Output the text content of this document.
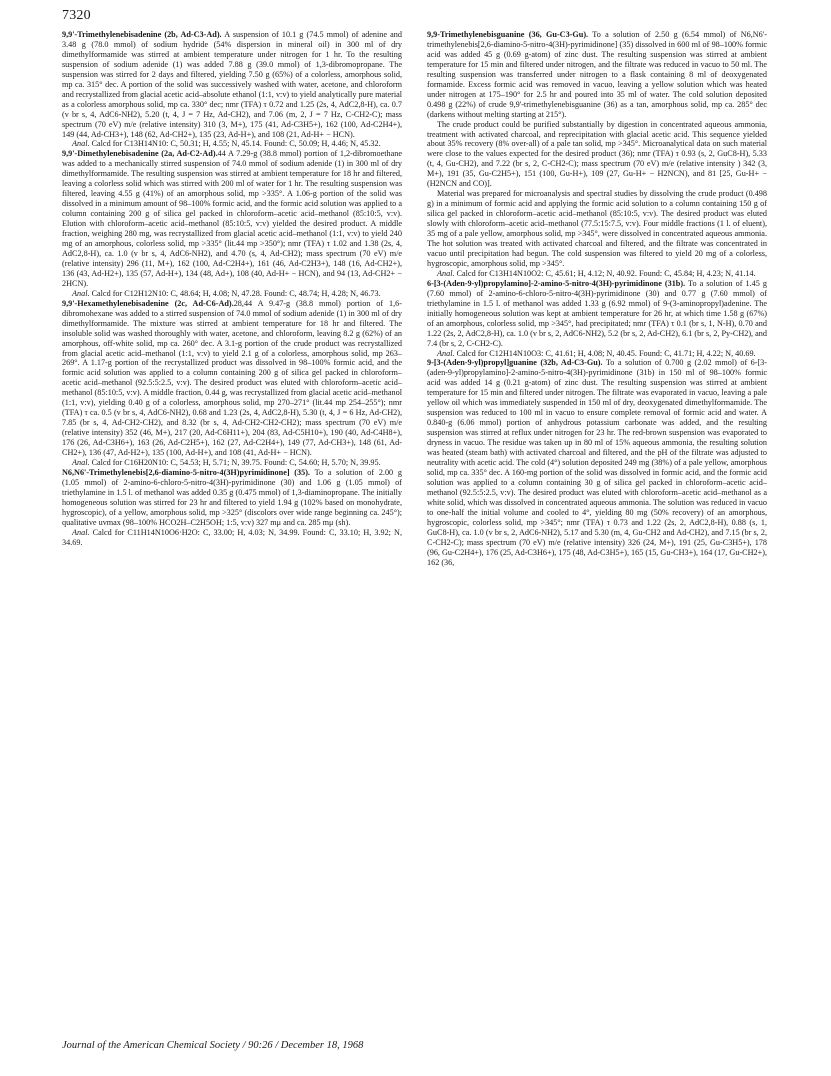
7320

9,9'-Trimethylenebisadenine (2b, Ad-C3-Ad). A suspension of 10.1 g (74.5 mmol) of adenine and 3.48 g (78.0 mmol) of sodium hydride (54% dispersion in mineral oil) in 300 ml of dry dimethylformamide was stirred at ambient temperature under nitrogen for 1 hr. To the resulting suspension of sodium adenide (1) was added 7.88 g (39.0 mmol) of 1,3-dibromopropane. The suspension was stirred for 2 days and filtered, yielding 7.50 g (65%) of a colorless, amorphous solid, mp ca. 315° dec. A portion of the solid was successively washed with water, acetone, and chloroform and recrystallized from glacial acetic acid–absolute ethanol (1:1, v:v) to yield analytically pure material as a colorless amorphous solid, mp ca. 330° dec; nmr (TFA) τ 0.72 and 1.25 (2s, 4, AdC2,8-H), ca. 0.7 (v br s, 4, AdC6-NH2), 5.20 (t, 4, J = 7 Hz, Ad-CH2), and 7.06 (m, 2, J = 7 Hz, C-CH2-C); mass spectrum (70 eV) m/e (relative intensity) 310 (3, M+), 175 (41, Ad-C3H5+), 162 (100, Ad-C2H4+), 149 (44, Ad-CH3+), 148 (62, Ad-CH2+), 135 (23, Ad-H+), and 108 (21, Ad-H+ − HCN).

Anal. Calcd for C13H14N10: C, 50.31; H, 4.55; N, 45.14. Found: C, 50.09; H, 4.46; N, 45.32.

9,9'-Dimethylenebisadenine (2a, Ad-C2-Ad).44 A 7.29-g (38.8 mmol) portion of 1,2-dibromoethane was added to a mechanically stirred suspension of 74.0 mmol of sodium adenide (1) in 300 ml of dry dimethylformamide. The resulting suspension was stirred at ambient temperature for 18 hr and filtered, leaving a colorless solid which was stirred with 200 ml of water for 1 hr. The resulting suspension was filtered, leaving 4.55 g (41%) of an amorphous solid, mp >335°. A 1.06-g portion of the solid was dissolved in a minimum amount of 98–100% formic acid, and the formic acid solution was applied to a column containing 200 g of silica gel packed in chloroform–acetic acid–methanol (85:10:5, v:v). Elution with chloroform–acetic acid–methanol (85:10:5, v:v) yielded the desired product. A middle fraction, weighing 280 mg, was recrystallized from glacial acetic acid–methanol (1:1, v:v) to yield 240 mg of an amorphous, colorless solid, mp >335° (lit.44 mp >350°); nmr (TFA) τ 1.02 and 1.38 (2s, 4, AdC2,8-H), ca. 1.0 (v br s, 4, AdC6-NH2), and 4.70 (s, 4, Ad-CH2); mass spectrum (70 eV) m/e (relative intensity) 296 (11, M+), 162 (100, Ad-C2H4+), 161 (46, Ad-C2H3+), 148 (16, Ad-CH2+), 136 (43, Ad-H2+), 135 (57, Ad-H+), 134 (48, Ad+), 108 (40, Ad-H+ − HCN), and 94 (13, Ad-CH2+ − 2HCN).

Anal. Calcd for C12H12N10: C, 48.64; H, 4.08; N, 47.28. Found: C, 48.74; H, 4.28; N, 46.73.

9,9'-Hexamethylenebisadenine (2c, Ad-C6-Ad).28,44 A 9.47-g (38.8 mmol) portion of 1,6-dibromohexane was added to a stirred suspension of 74.0 mmol of sodium adenide (1) in 300 ml of dry dimethylformamide. The mixture was stirred at ambient temperature for 18 hr and filtered. The insoluble solid was washed thoroughly with water, acetone, and chloroform, leaving 8.2 g (62%) of an amorphous, off-white solid, mp ca. 260° dec. A 3.1-g portion of the crude product was recrystallized from glacial acetic acid–methanol (1:1, v:v) to yield 2.1 g of a colorless, amorphous solid, mp 263–269°. A 1.17-g portion of the recrystallized product was dissolved in 98–100% formic acid, and the formic acid solution was applied to a column containing 200 g of silica gel packed in chloroform–acetic acid–methanol (92.5:5:2.5, v:v). The desired product was eluted with chloroform–acetic acid–methanol (85:10:5, v:v). A middle fraction, 0.44 g, was recrystallized from glacial acetic acid–methanol (1:1, v:v), yielding 0.40 g of a colorless, amorphous solid, mp 270–271° (lit.44 mp 254–255°); nmr (TFA) τ ca. 0.5 (v br s, 4, AdC6-NH2), 0.68 and 1.23 (2s, 4, AdC2,8-H), 5.30 (t, 4, J = 6 Hz, Ad-CH2), 7.85 (br s, 4, Ad-CH2-CH2), and 8.32 (br s, 4, Ad-CH2-CH2-CH2); mass spectrum (70 eV) m/e (relative intensity) 352 (46, M+), 217 (20, Ad-C6H11+), 204 (83, Ad-C5H10+), 190 (40, Ad-C4H8+), 176 (26, Ad-C3H6+), 163 (26, Ad-C2H5+), 162 (27, Ad-C2H4+), 149 (77, Ad-CH3+), 148 (61, Ad-CH2+), 136 (47, Ad-H2+), 135 (100, Ad-H+), and 108 (41, Ad-H+ − HCN).

Anal. Calcd for C16H20N10: C, 54.53; H, 5.71; N, 39.75. Found: C, 54.60; H, 5.70; N, 39.95.

N6,N6'-Trimethylenebis[2,6-diamino-5-nitro-4(3H)pyrimidinone] (35). To a solution of 2.00 g (1.05 mmol) of 2-amino-6-chloro-5-nitro-4(3H)-pyrimidinone (30) and 1.06 g (1.05 mmol) of triethylamine in 1.5 l. of methanol was added 0.35 g (0.475 mmol) of 1,3-diaminopropane. The initially homogeneous solution was stirred for 23 hr and filtered to yield 1.94 g (102% based on monohydrate, hygroscopic), of a yellow, amorphous solid, mp >325° (discolors over wide range beginning ca. 245°); qualitative uvmax (98–100% HCO2H–C2H5OH; 1:5, v:v) 327 mμ and ca. 285 mμ (sh).

Anal. Calcd for C11H14N10O6·H2O: C, 33.00; H, 4.03; N, 34.99. Found: C, 33.10; H, 3.92; N, 34.69.

9,9-Trimethylenebisguanine (36, Gu-C3-Gu). To a solution of 2.50 g (6.54 mmol) of N6,N6'-trimethylenebis[2,6-diamino-5-nitro-4(3H)-pyrimidinone] (35) dissolved in 600 ml of 98–100% formic acid was added 45 g (0.69 g-atom) of zinc dust. The resulting suspension was stirred at ambient temperature for 15 min and filtered under nitrogen, and the filtrate was reduced in vacuo to 50 ml. The resulting suspension was transferred under nitrogen to a flask containing 8 ml of deoxygenated formamide. Excess formic acid was removed in vacuo, leaving a yellow solution which was heated under nitrogen at 175–190° for 2.5 hr and poured into 35 ml of water. The cold solution deposited 0.498 g (22%) of crude 9,9'-trimethylenebisguanine (36) as a tan, amorphous solid, mp ca. 285° dec (darkens without melting starting at 215°).

The crude product could be purified substantially by digestion in concentrated aqueous ammonia, treatment with activated charcoal, and reprecipitation with glacial acetic acid. This sequence yielded about 35% recovery (8% over-all) of a pale tan solid, mp >345°. Microanalytical data on such material were close to the values expected for the desired product (36); nmr (TFA) τ 0.93 (s, 2, GuC8-H), 5.33 (t, 4, Gu-CH2), and 7.22 (br s, 2, C-CH2-C); mass spectrum (70 eV) m/e (relative intensity ) 342 (3, M+), 191 (35, Gu-C2H5+), 151 (100, Gu-H+), 109 (27, Gu-H+ − H2NCN), and 81 [25, Gu-H+ − (H2NCN and CO)].

Material was prepared for microanalysis and spectral studies by dissolving the crude product (0.498 g) in a minimum of formic acid and applying the formic acid solution to a column containing 150 g of silica gel packed in chloroform–acetic acid–methanol (85:10:5, v:v). The desired product was eluted slowly with chloroform–acetic acid–methanol (77.5:15:7.5, v:v). Four middle fractions (1 l. of eluent), 35 mg of a pale yellow, amorphous solid, mp >345°, were dissolved in concentrated aqueous ammonia. The hot solution was treated with activated charcoal and filtered, and the filtrate was concentrated in vacuo until precipitation had begun. The cold suspension was filtered to yield 20 mg of a colorless, hygroscopic, amorphous solid, mp >345°.

Anal. Calcd for C13H14N10O2: C, 45.61; H, 4.12; N, 40.92. Found: C, 45.84; H, 4.23; N, 41.14.

6-[3-(Aden-9-yl)propylamino]-2-amino-5-nitro-4(3H)-pyrimidinone (31b). To a solution of 1.45 g (7.60 mmol) of 2-amino-6-chloro-5-nitro-4(3H)-pyrimidinone (30) and 0.77 g (7.60 mmol) of triethylamine in 1.5 l. of methanol was added 1.33 g (6.92 mmol) of 9-(3-aminopropyl)adenine. The initially homogeneous solution was kept at ambient temperature for 26 hr, at which time 1.58 g (67%) of an amorphous, colorless solid, mp >345°, had precipitated; nmr (TFA) τ 0.1 (br s, 1, N-H), 0.70 and 1.22 (2s, 2, AdC2,8-H), ca. 1.0 (v br s, 2, AdC6-NH2), 5.2 (br s, 2, Ad-CH2), 6.1 (br s, 2, Py-CH2), and 7.4 (br s, 2, C-CH2-C).

Anal. Calcd for C12H14N10O3: C, 41.61; H, 4.08; N, 40.45. Found: C, 41.71; H, 4.22; N, 40.69.

9-[3-(Aden-9-yl)propyl]guanine (32b, Ad-C3-Gu). To a solution of 0.700 g (2.02 mmol) of 6-[3-(aden-9-yl)propylamino]-2-amino-5-nitro-4(3H)-pyrimidinone (31b) in 150 ml of 98–100% formic acid was added 14 g (0.21 g-atom) of zinc dust. The resulting suspension was stirred at ambient temperature for 15 min and filtered under nitrogen. The filtrate was evaporated in vacuo, leaving a pale yellow oil which was immediately suspended in 150 ml of dry, deoxygenated dimethylformamide. The suspension was reduced to 100 ml in vacuo to ensure complete removal of formic acid and water. A 0.840-g (6.06 mmol) portion of anhydrous potassium carbonate was added, and the resulting suspension was stirred at reflux under nitrogen for 23 hr. The red-brown suspension was evaporated to dryness in vacuo. The residue was taken up in 80 ml of 15% aqueous ammonia, the resulting solution was heated (steam bath) with activated charcoal and filtered, and the pH of the filtrate was adjusted to neutrality with acetic acid. The cold (4°) solution deposited 249 mg (38%) of a pale yellow, amorphous solid, mp ca. 335° dec. A 160-mg portion of the solid was dissolved in formic acid, and the formic acid solution was applied to a column containing 30 g of silica gel packed in chloroform–acetic acid–methanol (92.5:5:2.5, v:v). The desired product was eluted with chloroform–acetic acid–methanol as a white solid, which was dissolved in concentrated aqueous ammonia. The solution was reduced in vacuo to one-half the initial volume and cooled to 4°, yielding 80 mg (50% recovery) of an amorphous, hygroscopic, colorless solid, mp >345°; nmr (TFA) τ 0.73 and 1.22 (2s, 2, AdC2,8-H), 0.88 (s, 1, GuC8-H), ca. 1.0 (v br s, 2, AdC6-NH2), 5.17 and 5.30 (m, 4, Gu-CH2 and Ad-CH2), and 7.15 (br s, 2, C-CH2-C); mass spectrum (70 eV) m/e (relative intensity) 326 (24, M+), 191 (25, Gu-C3H5+), 178 (96, Gu-C2H4+), 176 (25, Ad-C3H6+), 175 (48, Ad-C3H5+), 165 (15, Gu-CH3+), 164 (17, Gu-CH2+), 162 (36,

Journal of the American Chemical Society / 90:26 / December 18, 1968
